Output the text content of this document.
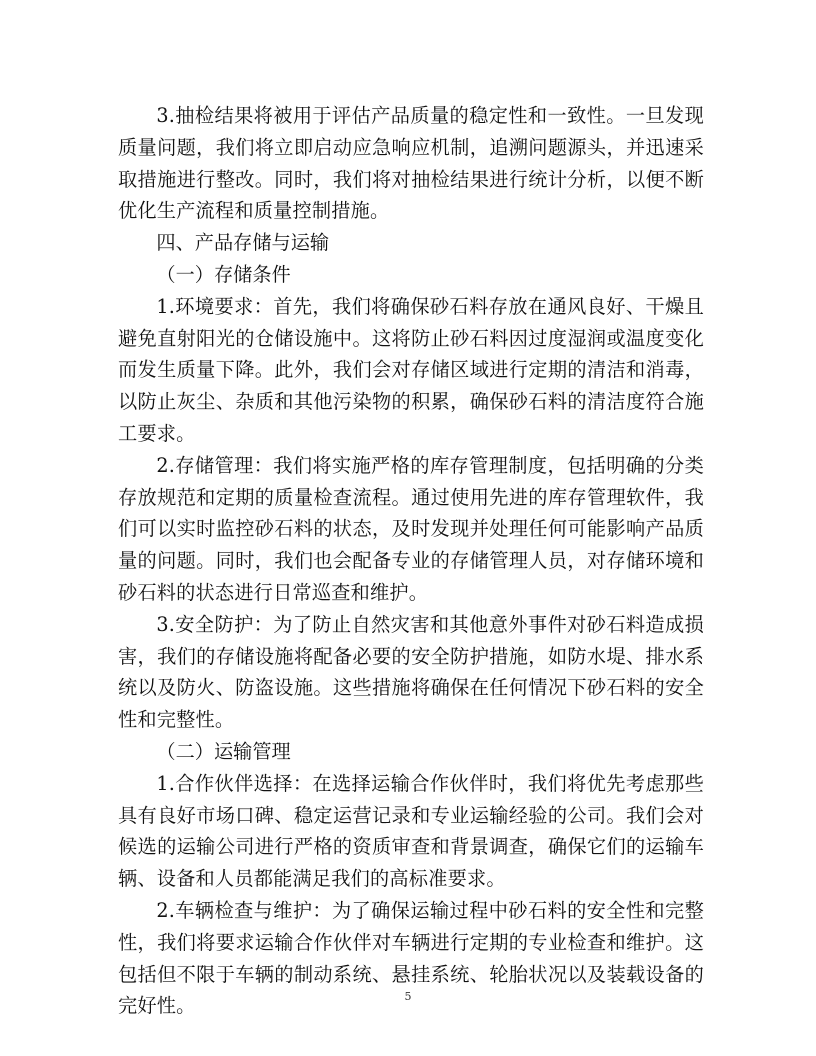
3.抽检结果将被用于评估产品质量的稳定性和一致性。一旦发现质量问题，我们将立即启动应急响应机制，追溯问题源头，并迅速采取措施进行整改。同时，我们将对抽检结果进行统计分析，以便不断优化生产流程和质量控制措施。

四、产品存储与运输

（一）存储条件

1.环境要求：首先，我们将确保砂石料存放在通风良好、干燥且避免直射阳光的仓储设施中。这将防止砂石料因过度湿润或温度变化而发生质量下降。此外，我们会对存储区域进行定期的清洁和消毒，以防止灰尘、杂质和其他污染物的积累，确保砂石料的清洁度符合施工要求。

2.存储管理：我们将实施严格的库存管理制度，包括明确的分类存放规范和定期的质量检查流程。通过使用先进的库存管理软件，我们可以实时监控砂石料的状态，及时发现并处理任何可能影响产品质量的问题。同时，我们也会配备专业的存储管理人员，对存储环境和砂石料的状态进行日常巡查和维护。

3.安全防护：为了防止自然灾害和其他意外事件对砂石料造成损害，我们的存储设施将配备必要的安全防护措施，如防水堤、排水系统以及防火、防盗设施。这些措施将确保在任何情况下砂石料的安全性和完整性。

（二）运输管理

1.合作伙伴选择：在选择运输合作伙伴时，我们将优先考虑那些具有良好市场口碑、稳定运营记录和专业运输经验的公司。我们会对候选的运输公司进行严格的资质审查和背景调查，确保它们的运输车辆、设备和人员都能满足我们的高标准要求。

2.车辆检查与维护：为了确保运输过程中砂石料的安全性和完整性，我们将要求运输合作伙伴对车辆进行定期的专业检查和维护。这包括但不限于车辆的制动系统、悬挂系统、轮胎状况以及装载设备的完好性。	5
